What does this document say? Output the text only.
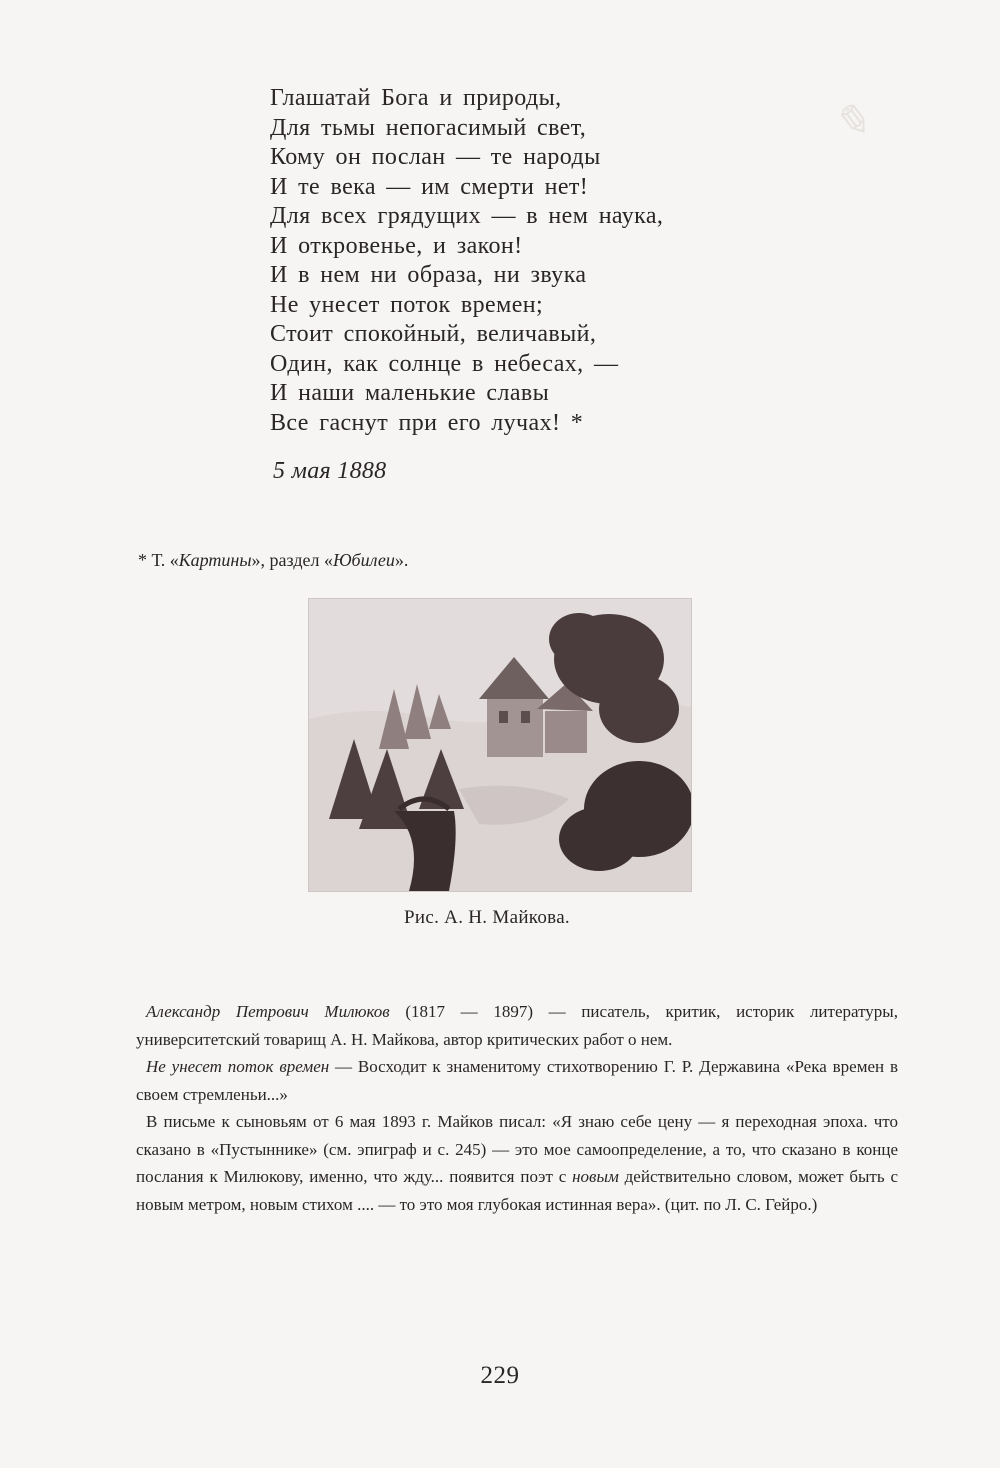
✎
Глашатай Бога и природы,
Для тьмы непогасимый свет,
Кому он послан — те народы
И те века — им смерти нет!
Для всех грядущих — в нем наука,
И откровенье, и закон!
И в нем ни образа, ни звука
Не унесет поток времен;
Стоит спокойный, величавый,
Один, как солнце в небесах, —
И наши маленькие славы
Все гаснут при его лучах! *
5 мая 1888
* Т. «Картины», раздел «Юбилеи».
Рис. А. Н. Майкова.

Александр Петрович Милюков (1817 — 1897) — писатель, критик, историк литературы, университетский товарищ А. Н. Майкова, автор критических работ о нем.

Не унесет поток времен — Восходит к знаменитому стихотворению Г. Р. Державина «Река времен в своем стремленьи...»

В письме к сыновьям от 6 мая 1893 г. Майков писал: «Я знаю себе цену — я переходная эпоха. что сказано в «Пустыннике» (см. эпиграф и с. 245) — это мое самоопределение, а то, что сказано в конце послания к Милюкову, именно, что жду... появится поэт с новым действительно словом, может быть с новым метром, новым стихом .... — то это моя глубокая истинная вера». (цит. по Л. С. Гейро.)

229
